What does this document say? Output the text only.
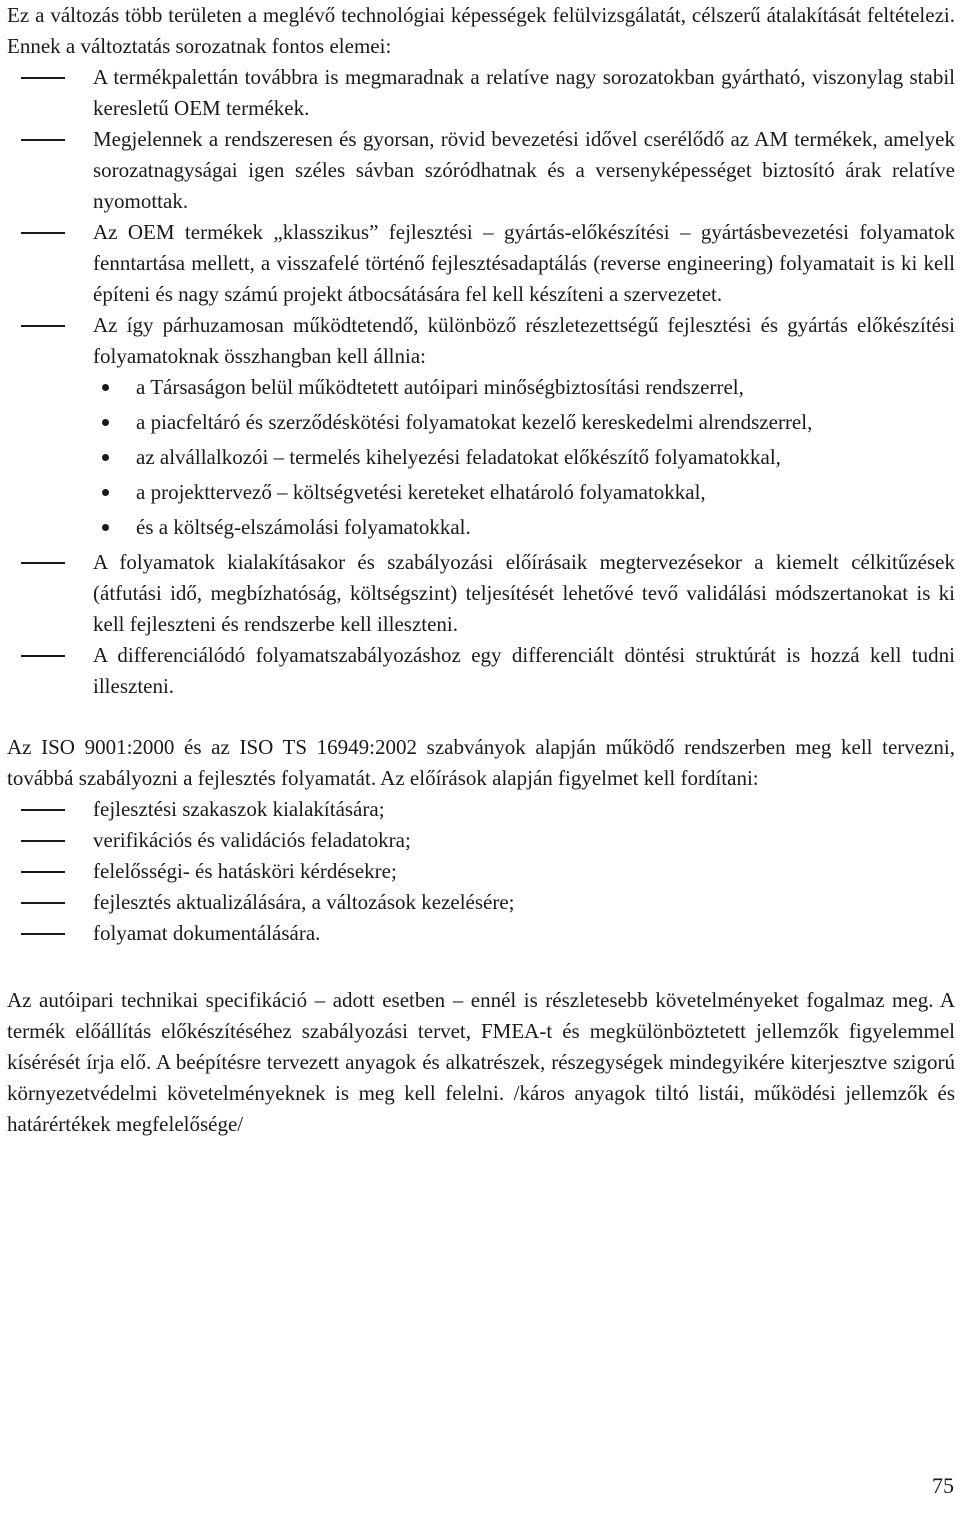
Ez a változás több területen a meglévő technológiai képességek felülvizsgálatát, célszerű átalakítását feltételezi. Ennek a változtatás sorozatnak fontos elemei:

A termékpalettán továbbra is megmaradnak a relatíve nagy sorozatokban gyártható, viszonylag stabil keresletű OEM termékek.
Megjelennek a rendszeresen és gyorsan, rövid bevezetési idővel cserélődő az AM termékek, amelyek sorozatnagyságai igen széles sávban szóródhatnak és a versenyképességet biztosító árak relatíve nyomottak.
Az OEM termékek „klasszikus” fejlesztési – gyártás-előkészítési – gyártásbevezetési folyamatok fenntartása mellett, a visszafelé történő fejlesztésadaptálás (reverse engineering) folyamatait is ki kell építeni és nagy számú projekt átbocsátására fel kell készíteni a szervezetet.
Az így párhuzamosan működtetendő, különböző részletezettségű fejlesztési és gyártás előkészítési folyamatoknak összhangban kell állnia:
a Társaságon belül működtetett autóipari minőségbiztosítási rendszerrel,
a piacfeltáró és szerződéskötési folyamatokat kezelő kereskedelmi alrendszerrel,
az alvállalkozói – termelés kihelyezési feladatokat előkészítő folyamatokkal,
a projekttervező – költségvetési kereteket elhatároló folyamatokkal,
és a költség-elszámolási folyamatokkal.
A folyamatok kialakításakor és szabályozási előírásaik megtervezésekor a kiemelt célkitűzések (átfutási idő, megbízhatóság, költségszint) teljesítését lehetővé tevő validálási módszertanokat is ki kell fejleszteni és rendszerbe kell illeszteni.
A differenciálódó folyamatszabályozáshoz egy differenciált döntési struktúrát is hozzá kell tudni illeszteni.

Az ISO 9001:2000 és az ISO TS 16949:2002 szabványok alapján működő rendszerben meg kell tervezni, továbbá szabályozni a fejlesztés folyamatát. Az előírások alapján figyelmet kell fordítani:

fejlesztési szakaszok kialakítására;
verifikációs és validációs feladatokra;
felelősségi- és hatásköri kérdésekre;
fejlesztés aktualizálására, a változások kezelésére;
folyamat dokumentálására.

Az autóipari technikai specifikáció – adott esetben – ennél is részletesebb követelményeket fogalmaz meg. A termék előállítás előkészítéséhez szabályozási tervet, FMEA-t és megkülönböztetett jellemzők figyelemmel kísérését írja elő. A beépítésre tervezett anyagok és alkatrészek, részegységek mindegyikére kiterjesztve szigorú környezetvédelmi követelményeknek is meg kell felelni. /káros anyagok tiltó listái, működési jellemzők és határértékek megfelelősége/

75
